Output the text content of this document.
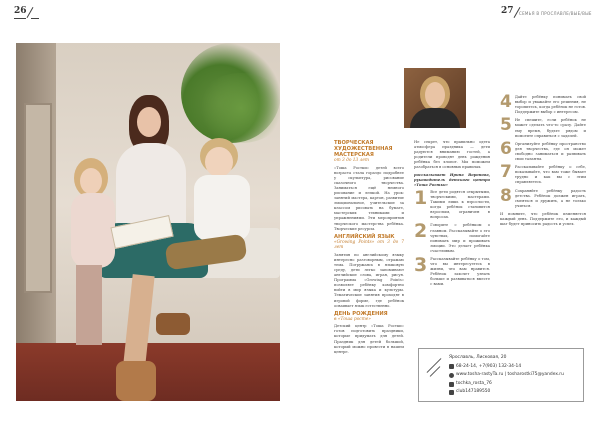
26	27 СЕМЬЯ В ПРОСЛАВЛЕ/ВЫЕ/ВЫЕ
ТВОРЧЕСКАЯ ХУДОЖЕСТВЕННАЯ МАСТЕРСКАЯ
от 3 до 13 лет

«Тоша Ростки» детей всего возраста стала гораздо подробнее у скульптура, рисование сказочного творчества. Заниматься ещё немного рисование и лепкой. На урок: занятий мастера, картон, развитие эмоциональное, учительские за классом рисовать на бумаге, мастерских техниками и упражнениями. Эти мероприятия творческого мастерства ребёнка. Творческие ресурсы.

АНГЛИЙСКИЙ ЯЗЫК
«Growing Points» от 3 до 7 лет

Занятия по английскому языку интересно разговорным, отражаю тема. Погружаясь в языковую среду, дети легко запоминают английские слова, играя, рисуя. Программа «Growing Points» позволяет ребёнку комфортно войти в мир языка и культуры. Тематические занятия проходят в игровой форме, где ребёнок осваивает язык естественно.

ДЕНЬ РОЖДЕНИЯ
в «Тоша росте»

Детский центр «Тоша Ростки» готов подготовить праздники, которые придумать для детей. Праздник для детей большой, который можно провести в нашем центре.

Не секрет, что правильно одета атмосфера праздника — дети радуются вниманию гостей, а родители проводят день рождения ребёнка без хлопот. Мы поможем разобраться в основных правилах.

рассказывает Ирина Воронова, руководитель детского центра «Тоша Ростки»

1 Все дети родятся открытыми, творческими, мастерами. Такими лишь к взрослости, когда ребёнок становится взрослым, ограничен в вопросах.
2 Говорите с ребёнком о главном. Рассказывайте о его чувствах, помогайте понимать мир и проживать эмоции. Это делает ребёнка счастливым.
3 Рассказывайте ребёнку о том, что вы интересуетесь в жизни, что вам нравится. Ребёнок захочет узнать больше и развиваться вместе с вами.
4 Дайте ребёнку понимать свой выбор и уважайте его решения, не торопитесь, когда ребёнок не готов. Поддержите выбор с интересом.
5 Не спешите, если ребёнок не может сделать что-то сразу. Дайте ему время, будьте рядом и помогите справиться с задачей.
6 Организуйте ребёнку пространство для творчества, где он может свободно заниматься и развивать свои таланты.
7 Рассказывайте ребёнку о себе, показывайте, что вам тоже бывает трудно и как вы с этим справляетесь.
8 Сохраняйте ребёнку радость детства. Ребёнок должен играть, смеяться и дружить, а не только учиться.

И помните, что ребёнок изменяется каждый день. Поддержите его, и каждый шаг будет приносить радость и успех.

Ярославль, Лисковая, 20
68-24-14, +7(903) 132-34-14
www.tosha-rastyTa.ru | tosharostki75@yandex.ru
tochka_rosta_76
club147189550
